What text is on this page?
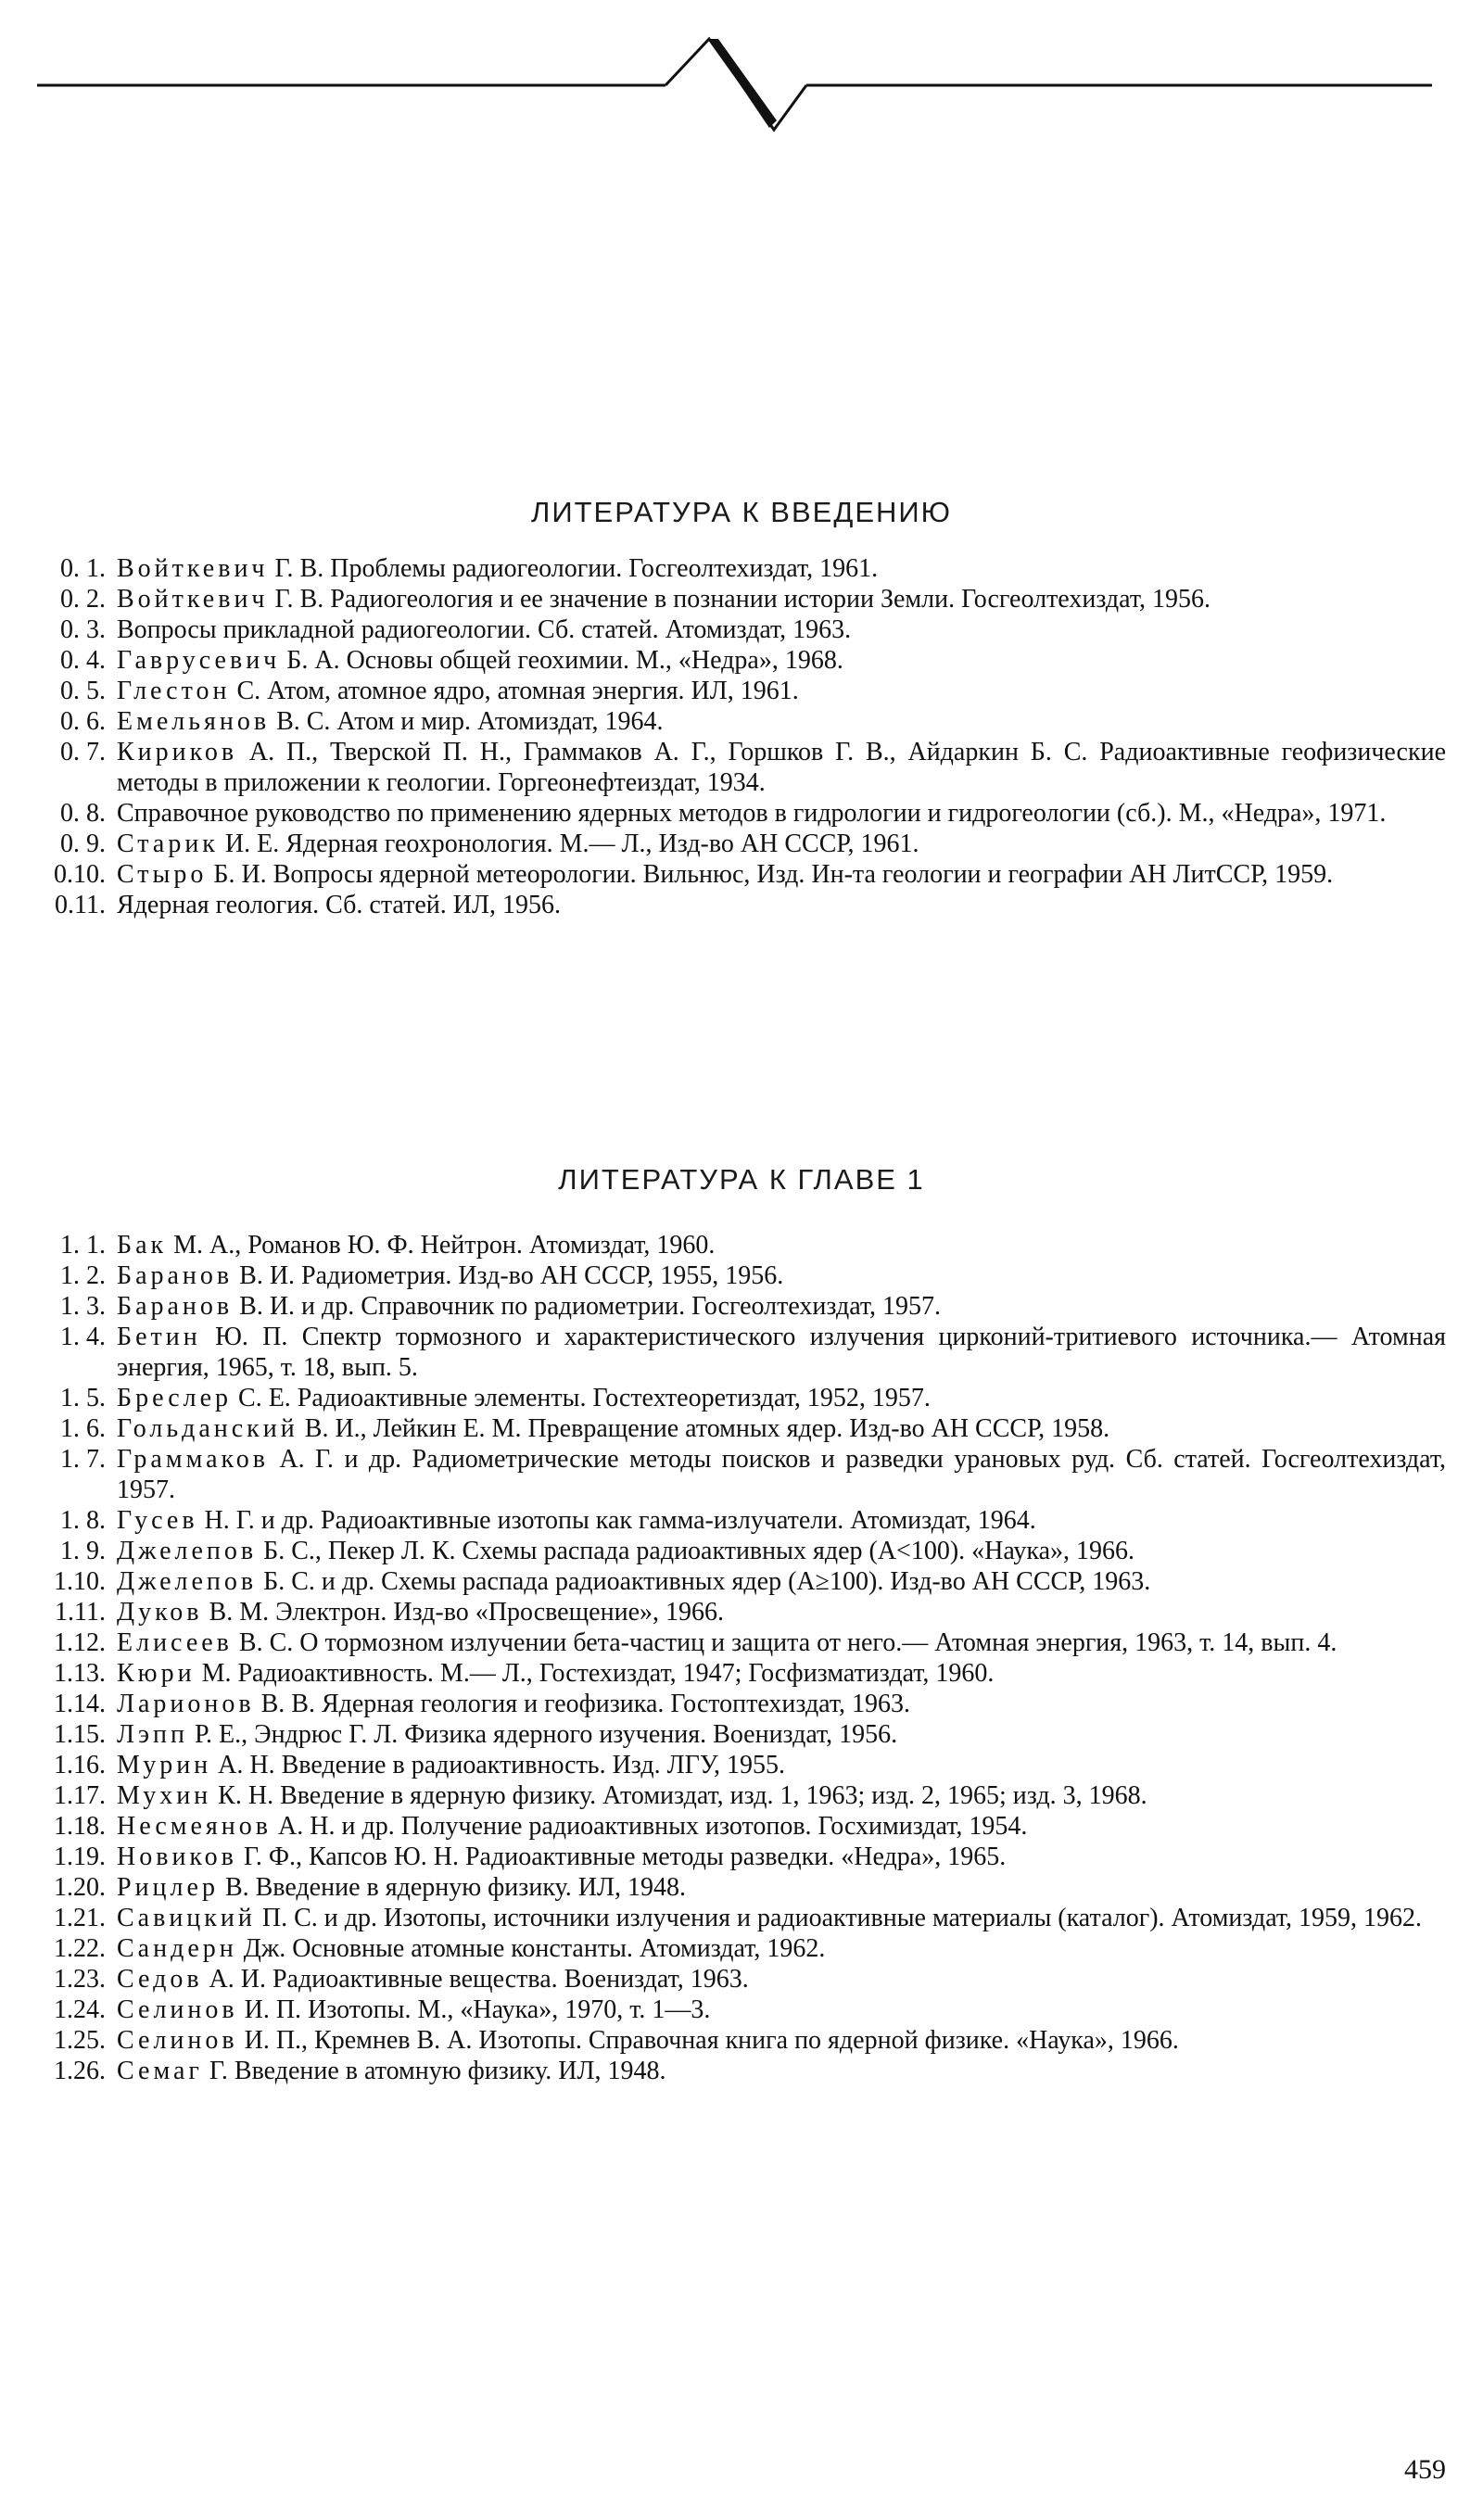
ЛИТЕРАТУРА К ВВЕДЕНИЮ
0. 1. Войткевич Г. В. Проблемы радиогеологии. Госгеолтехиздат, 1961.
0. 2. Войткевич Г. В. Радиогеология и ее значение в познании истории Земли. Госгеолтехиздат, 1956.
0. 3. Вопросы прикладной радиогеологии. Сб. статей. Атомиздат, 1963.
0. 4. Гаврусевич Б. А. Основы общей геохимии. М., «Недра», 1968.
0. 5. Глестон С. Атом, атомное ядро, атомная энергия. ИЛ, 1961.
0. 6. Емельянов В. С. Атом и мир. Атомиздат, 1964.
0. 7. Кириков А. П., Тверской П. Н., Граммаков А. Г., Горшков Г. В., Айдаркин Б. С. Радиоактивные геофизические методы в приложении к геологии. Горгеонефтеиздат, 1934.
0. 8. Справочное руководство по применению ядерных методов в гидрологии и гидрогеологии (сб.). М., «Недра», 1971.
0. 9. Старик И. Е. Ядерная геохронология. М.— Л., Изд-во АН СССР, 1961.
0.10. Стыро Б. И. Вопросы ядерной метеорологии. Вильнюс, Изд. Ин-та геологии и географии АН ЛитССР, 1959.
0.11. Ядерная геология. Сб. статей. ИЛ, 1956.
ЛИТЕРАТУРА К ГЛАВЕ 1
1. 1. Бак М. А., Романов Ю. Ф. Нейтрон. Атомиздат, 1960.
1. 2. Баранов В. И. Радиометрия. Изд-во АН СССР, 1955, 1956.
1. 3. Баранов В. И. и др. Справочник по радиометрии. Госгеолтехиздат, 1957.
1. 4. Бетин Ю. П. Спектр тормозного и характеристического излучения цирконий-тритиевого источника.— Атомная энергия, 1965, т. 18, вып. 5.
1. 5. Бреслер С. Е. Радиоактивные элементы. Гостехтеоретиздат, 1952, 1957.
1. 6. Гольданский В. И., Лейкин Е. М. Превращение атомных ядер. Изд-во АН СССР, 1958.
1. 7. Граммаков А. Г. и др. Радиометрические методы поисков и разведки урановых руд. Сб. статей. Госгеолтехиздат, 1957.
1. 8. Гусев Н. Г. и др. Радиоактивные изотопы как гамма-излучатели. Атомиздат, 1964.
1. 9. Джелепов Б. С., Пекер Л. К. Схемы распада радиоактивных ядер (A<100). «Наука», 1966.
1.10. Джелепов Б. С. и др. Схемы распада радиоактивных ядер (A≥100). Изд-во АН СССР, 1963.
1.11. Дуков В. М. Электрон. Изд-во «Просвещение», 1966.
1.12. Елисеев В. С. О тормозном излучении бета-частиц и защита от него.— Атомная энергия, 1963, т. 14, вып. 4.
1.13. Кюри М. Радиоактивность. М.— Л., Гостехиздат, 1947; Госфизматиздат, 1960.
1.14. Ларионов В. В. Ядерная геология и геофизика. Гостоптехиздат, 1963.
1.15. Лэпп Р. Е., Эндрюс Г. Л. Физика ядерного изучения. Воениздат, 1956.
1.16. Мурин А. Н. Введение в радиоактивность. Изд. ЛГУ, 1955.
1.17. Мухин К. Н. Введение в ядерную физику. Атомиздат, изд. 1, 1963; изд. 2, 1965; изд. 3, 1968.
1.18. Несмеянов А. Н. и др. Получение радиоактивных изотопов. Госхимиздат, 1954.
1.19. Новиков Г. Ф., Капсов Ю. Н. Радиоактивные методы разведки. «Недра», 1965.
1.20. Рицлер В. Введение в ядерную физику. ИЛ, 1948.
1.21. Савицкий П. С. и др. Изотопы, источники излучения и радиоактивные материалы (каталог). Атомиздат, 1959, 1962.
1.22. Сандерн Дж. Основные атомные константы. Атомиздат, 1962.
1.23. Седов А. И. Радиоактивные вещества. Воениздат, 1963.
1.24. Селинов И. П. Изотопы. М., «Наука», 1970, т. 1—3.
1.25. Селинов И. П., Кремнев В. А. Изотопы. Справочная книга по ядерной физике. «Наука», 1966.
1.26. Семаг Г. Введение в атомную физику. ИЛ, 1948.
459
